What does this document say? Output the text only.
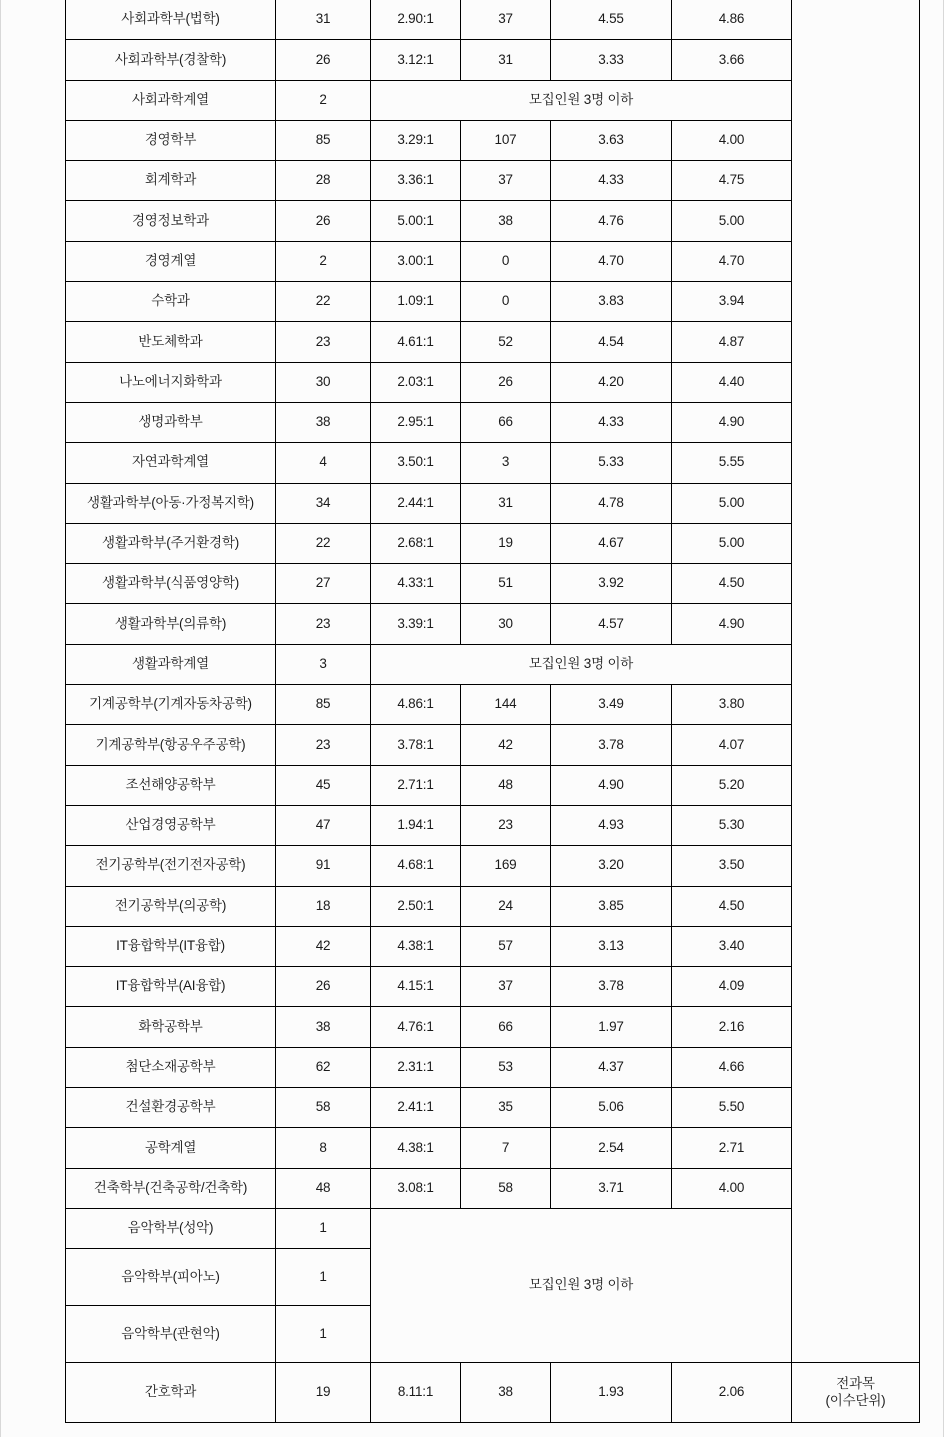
사회과학부(법학)	31	2.90:1	37	4.55	4.86	
사회과학부(경찰학)	26	3.12:1	31	3.33	3.66	
사회과학계열	2	모집인원 3명 이하				
경영학부	85	3.29:1	107	3.63	4.00	
회계학과	28	3.36:1	37	4.33	4.75	
경영정보학과	26	5.00:1	38	4.76	5.00	
경영계열	2	3.00:1	0	4.70	4.70	
수학과	22	1.09:1	0	3.83	3.94	
반도체학과	23	4.61:1	52	4.54	4.87	
나노에너지화학과	30	2.03:1	26	4.20	4.40	
생명과학부	38	2.95:1	66	4.33	4.90	
자연과학계열	4	3.50:1	3	5.33	5.55	
생활과학부(아동·가정복지학)	34	2.44:1	31	4.78	5.00	
생활과학부(주거환경학)	22	2.68:1	19	4.67	5.00	
생활과학부(식품영양학)	27	4.33:1	51	3.92	4.50	
생활과학부(의류학)	23	3.39:1	30	4.57	4.90	
생활과학계열	3	모집인원 3명 이하				
기계공학부(기계자동차공학)	85	4.86:1	144	3.49	3.80	
기계공학부(항공우주공학)	23	3.78:1	42	3.78	4.07	
조선해양공학부	45	2.71:1	48	4.90	5.20	
산업경영공학부	47	1.94:1	23	4.93	5.30	
전기공학부(전기전자공학)	91	4.68:1	169	3.20	3.50	
전기공학부(의공학)	18	2.50:1	24	3.85	4.50	
IT융합학부(IT융합)	42	4.38:1	57	3.13	3.40	
IT융합학부(AI융합)	26	4.15:1	37	3.78	4.09	
화학공학부	38	4.76:1	66	1.97	2.16	
첨단소재공학부	62	2.31:1	53	4.37	4.66	
건설환경공학부	58	2.41:1	35	5.06	5.50	
공학계열	8	4.38:1	7	2.54	2.71	
건축학부(건축공학/건축학)	48	3.08:1	58	3.71	4.00	
음악학부(성악)	1	모집인원 3명 이하				
음악학부(피아노)	1					
음악학부(관현악)	1					
간호학과	19	8.11:1	38	1.93	2.06	전과목
(이수단위)
